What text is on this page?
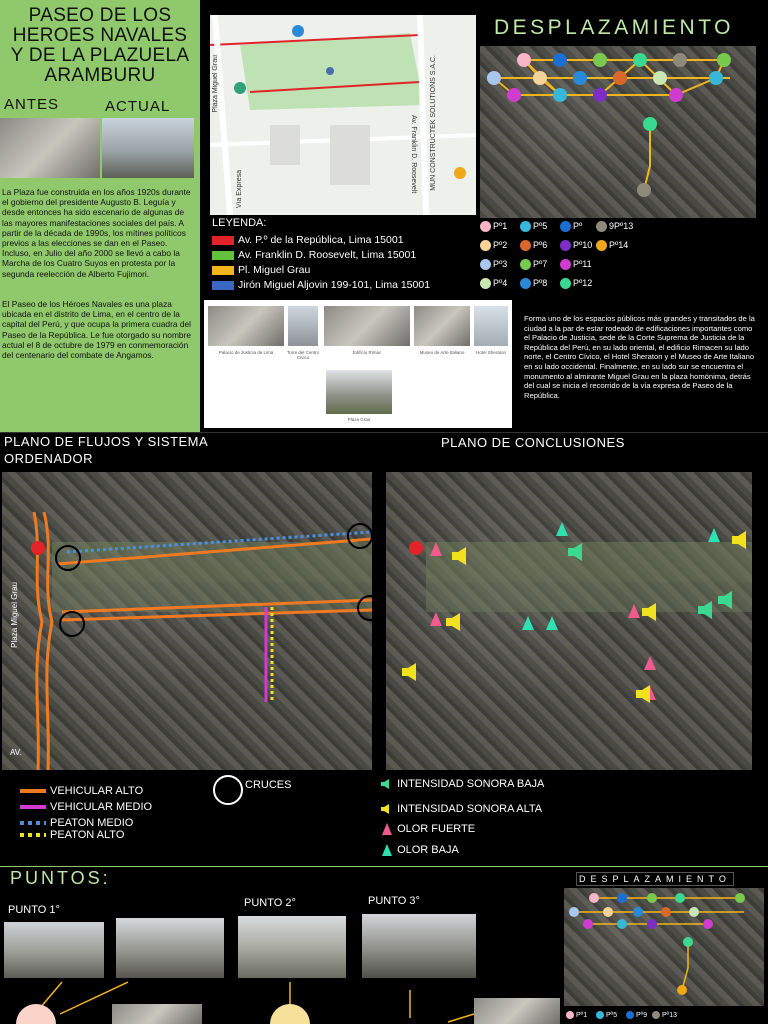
PASEO DE LOS
HEROES NAVALES
Y DE LA PLAZUELA
ARAMBURU
ANTES	ACTUAL
La Plaza fue construida en los años 1920s durante el gobierno del presidente Augusto B. Leguía y desde entonces ha sido escenario de algunas de las mayores manifestaciones sociales del país. A partir de la década de 1990s, los mítines políticos previos a las elecciones se dan en el Paseo. Incluso, en Julio del año 2000 se llevó a cabo la Marcha de los Cuatro Suyos en protesta por la segunda reelección de Alberto Fujimori.
El Paseo de los Héroes Navales es una plaza ubicada en el distrito de Lima, en el centro de la capital del Perú, y que ocupa la primera cuadra del Paseo de la República. Le fue otorgado su nombre actual el 8 de octubre de 1979 en conmemoración del centenario del combate de Angamos.
MUN CONSTRUCTEK SOLUTIONS S.A.C.
Plaza Miguel Grau
Av. Franklin D. Roosevelt
Vía Expresa
LEYENDA:
Av. P.º de la República, Lima 15001
Av. Franklin D. Roosevelt, Lima 15001
Pl. Miguel Grau
Jirón Miguel Aljovin 199-101, Lima 15001
Palacio de Justicia de Lima	Torre del Centro Cívico
Edificio Rimac	Museo de Arte Italiano	Hotel Sheraton
Plaza Grau
DESPLAZAMIENTO
Pº1
Pº2
Pº3
Pº4
Pº5
Pº6
Pº7
Pº8
Pº
Pº10
Pº11
Pº12
9 Pº13
Pº14
Forma uno de los espacios públicos más grandes y transitados de la ciudad a la par de estar rodeado de edificaciones importantes como el Palacio de Justicia, sede de la Corte Suprema de Justicia de la República del Perú, en su lado oriental, el edificio Rimacen su lado norte, el Centro Cívico, el Hotel Sheraton y el Museo de Arte Italiano en su lado occidental. Finalmente, en su lado sur se encuentra el monumento al almirante Miguel Grau en la plaza homónima, detrás del cual se inicia el recorrido de la vía expresa de Paseo de la República.
PLANO DE FLUJOS Y SISTEMA
ORDENADOR
PLANO DE CONCLUSIONES
Plaza Miguel Grau
AV.
VEHICULAR ALTO
VEHICULAR MEDIO
PEATON MEDIO
PEATON ALTO
CRUCES	INTENSIDAD SONORA BAJA
INTENSIDAD SONORA ALTA
OLOR FUERTE
OLOR BAJA
PUNTOS:
PUNTO 1°
PUNTO 2°	PUNTO 3°
DESPLAZAMIENTO
Pº1	Pº5	Pº9	Pº13
